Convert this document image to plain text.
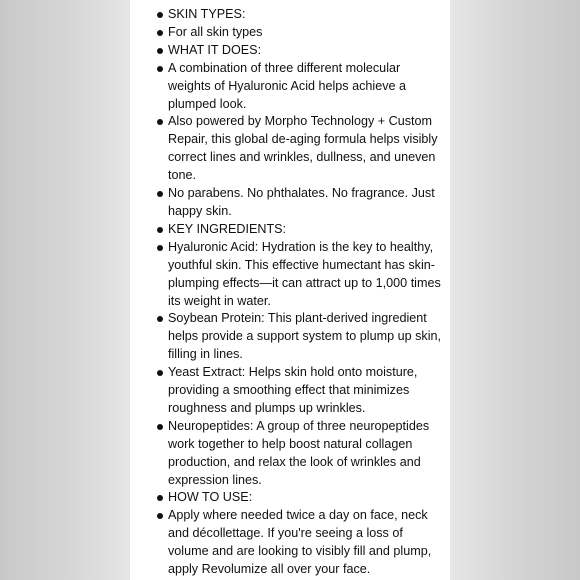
SKIN TYPES:
For all skin types
WHAT IT DOES:
A combination of three different molecular weights of Hyaluronic Acid helps achieve a plumped look.
Also powered by Morpho Technology + Custom Repair, this global de-aging formula helps visibly correct lines and wrinkles, dullness, and uneven tone.
No parabens. No phthalates. No fragrance. Just happy skin.
KEY INGREDIENTS:
Hyaluronic Acid: Hydration is the key to healthy, youthful skin. This effective humectant has skin-plumping effects—it can attract up to 1,000 times its weight in water.
Soybean Protein: This plant-derived ingredient helps provide a support system to plump up skin, filling in lines.
Yeast Extract: Helps skin hold onto moisture, providing a smoothing effect that minimizes roughness and plumps up wrinkles.
Neuropeptides: A group of three neuropeptides work together to help boost natural collagen production, and relax the look of wrinkles and expression lines.
HOW TO USE:
Apply where needed twice a day on face, neck and décollettage. If you're seeing a loss of volume and are looking to visibly fill and plump, apply Revolumize all over your face.
